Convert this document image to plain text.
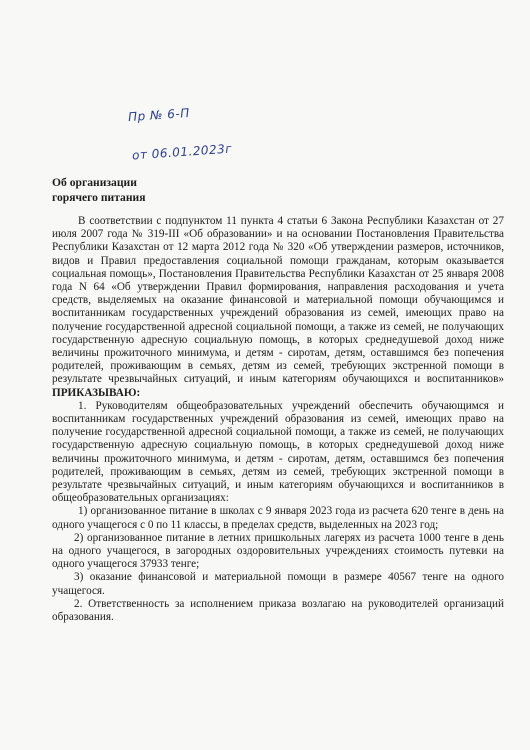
Пр № 6-П
от 06.01.2023г
Об организации
горячего питания

В соответствии с подпунктом 11 пункта 4 статьи 6 Закона Республики Казахстан от 27 июля 2007 года № 319-III «Об образовании» и на основании Постановления Правительства Республики Казахстан от 12 марта 2012 года № 320 «Об утверждении размеров, источников, видов и Правил предоставления социальной помощи гражданам, которым оказывается социальная помощь», Постановления Правительства Республики Казахстан от 25 января 2008 года N 64 «Об утверждении Правил формирования, направления расходования и учета средств, выделяемых на оказание финансовой и материальной помощи обучающимся и воспитанникам государственных учреждений образования из семей, имеющих право на получение государственной адресной социальной помощи, а также из семей, не получающих государственную адресную социальную помощь, в которых среднедушевой доход ниже величины прожиточного минимума, и детям - сиротам, детям, оставшимся без попечения родителей, проживающим в семьях, детям из семей, требующих экстренной помощи в результате чрезвычайных ситуаций, и иным категориям обучающихся и воспитанников» ПРИКАЗЫВАЮ:

1. Руководителям общеобразовательных учреждений обеспечить обучающимся и воспитанникам государственных учреждений образования из семей, имеющих право на получение государственной адресной социальной помощи, а также из семей, не получающих государственную адресную социальную помощь, в которых среднедушевой доход ниже величины прожиточного минимума, и детям - сиротам, детям, оставшимся без попечения родителей, проживающим в семьях, детям из семей, требующих экстренной помощи в результате чрезвычайных ситуаций, и иным категориям обучающихся и воспитанников в общеобразовательных организациях:

1) организованное питание в школах с 9 января 2023 года из расчета 620 тенге в день на одного учащегося с 0 по 11 классы, в пределах средств, выделенных на 2023 год;

2) организованное питание в летних пришкольных лагерях из расчета 1000 тенге в день на одного учащегося, в загородных оздоровительных учреждениях стоимость путевки на одного учащегося 37933 тенге;

3) оказание финансовой и материальной помощи в размере 40567 тенге на одного учащегося.

2. Ответственность за исполнением приказа возлагаю на руководителей организаций образования.
